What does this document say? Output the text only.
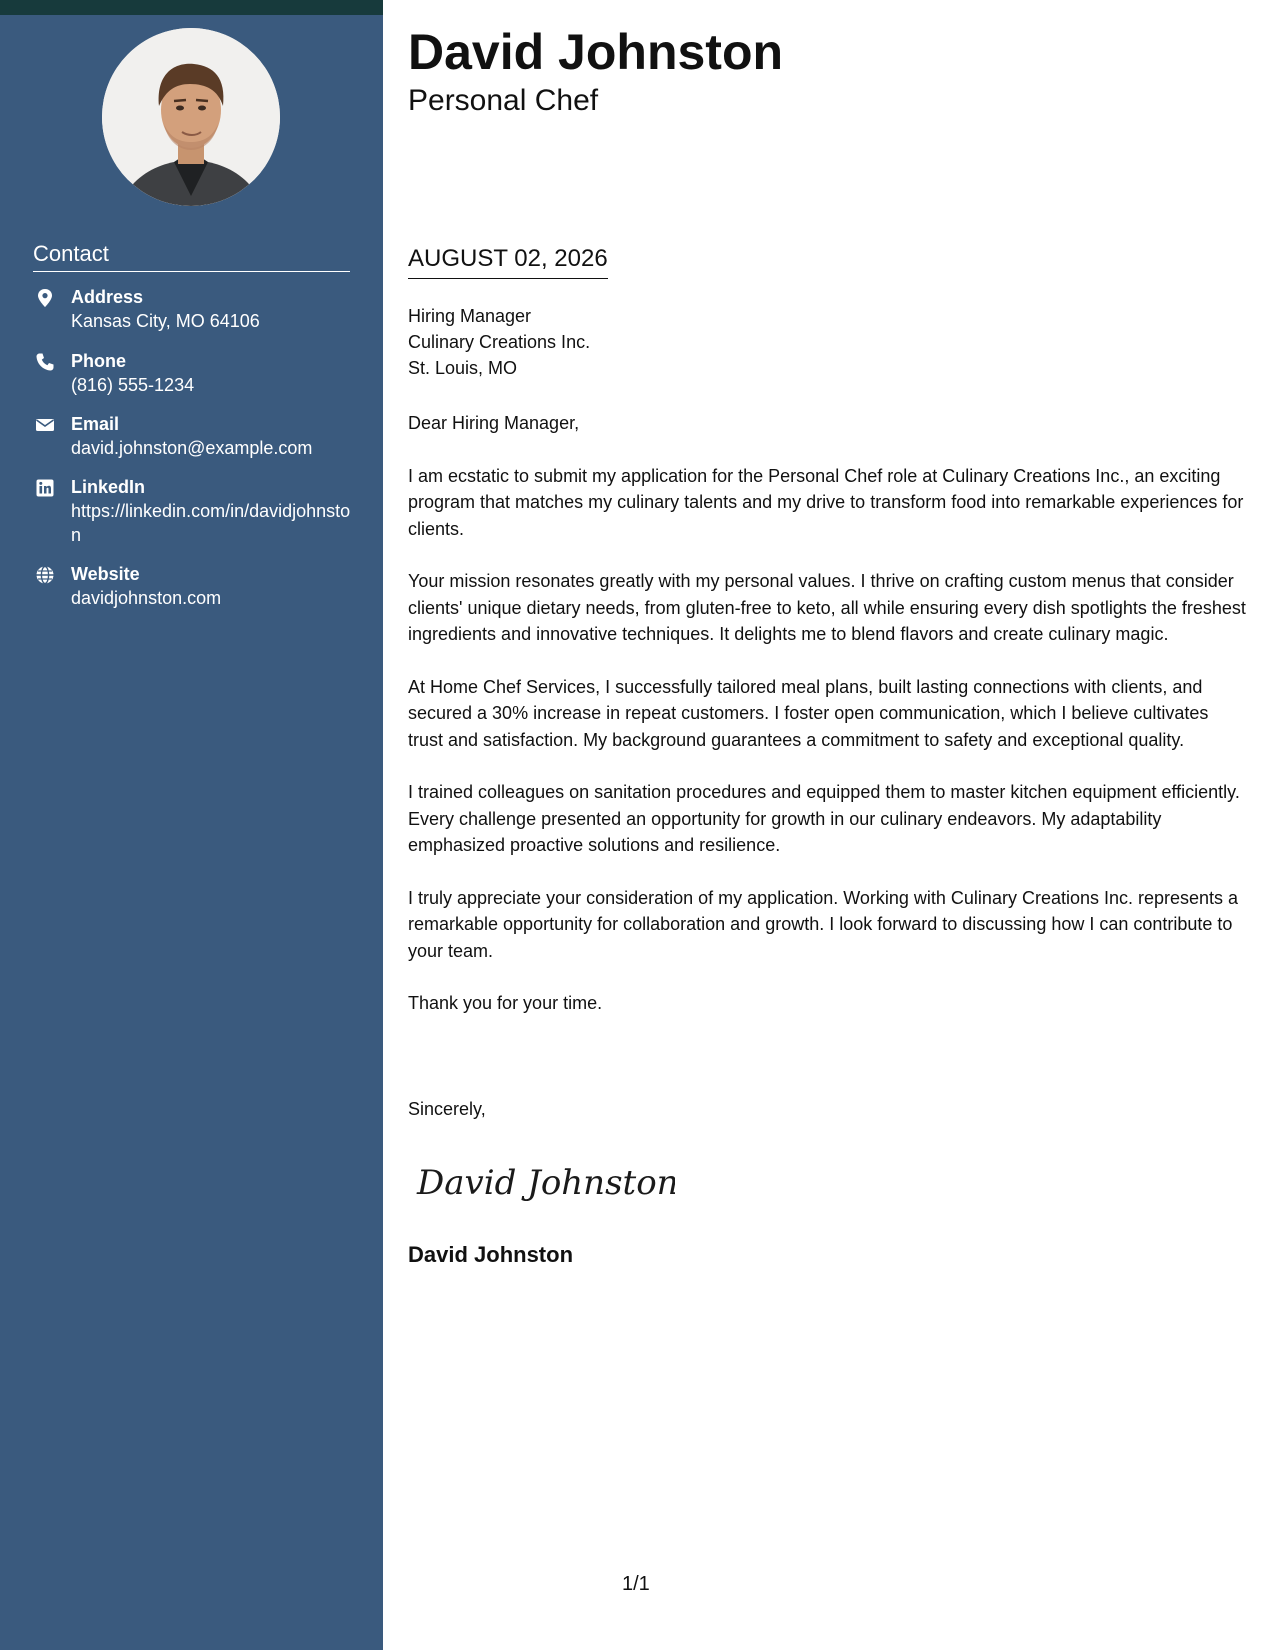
Contact
Address
Kansas City, MO 64106
Phone
(816) 555-1234
Email
david.johnston@example.com
LinkedIn
https://linkedin.com/in/davidjohnston
Website
davidjohnston.com
David Johnston
Personal Chef
AUGUST 02, 2026
Hiring Manager
Culinary Creations Inc.
St. Louis, MO

Dear Hiring Manager,

I am ecstatic to submit my application for the Personal Chef role at Culinary Creations Inc., an exciting program that matches my culinary talents and my drive to transform food into remarkable experiences for clients.

Your mission resonates greatly with my personal values. I thrive on crafting custom menus that consider clients' unique dietary needs, from gluten-free to keto, all while ensuring every dish spotlights the freshest ingredients and innovative techniques. It delights me to blend flavors and create culinary magic.

At Home Chef Services, I successfully tailored meal plans, built lasting connections with clients, and secured a 30% increase in repeat customers. I foster open communication, which I believe cultivates trust and satisfaction. My background guarantees a commitment to safety and exceptional quality.

I trained colleagues on sanitation procedures and equipped them to master kitchen equipment efficiently. Every challenge presented an opportunity for growth in our culinary endeavors. My adaptability emphasized proactive solutions and resilience.

I truly appreciate your consideration of my application. Working with Culinary Creations Inc. represents a remarkable opportunity for collaboration and growth. I look forward to discussing how I can contribute to your team.

Thank you for your time.

Sincerely,
David Johnston
David Johnston
1/1
